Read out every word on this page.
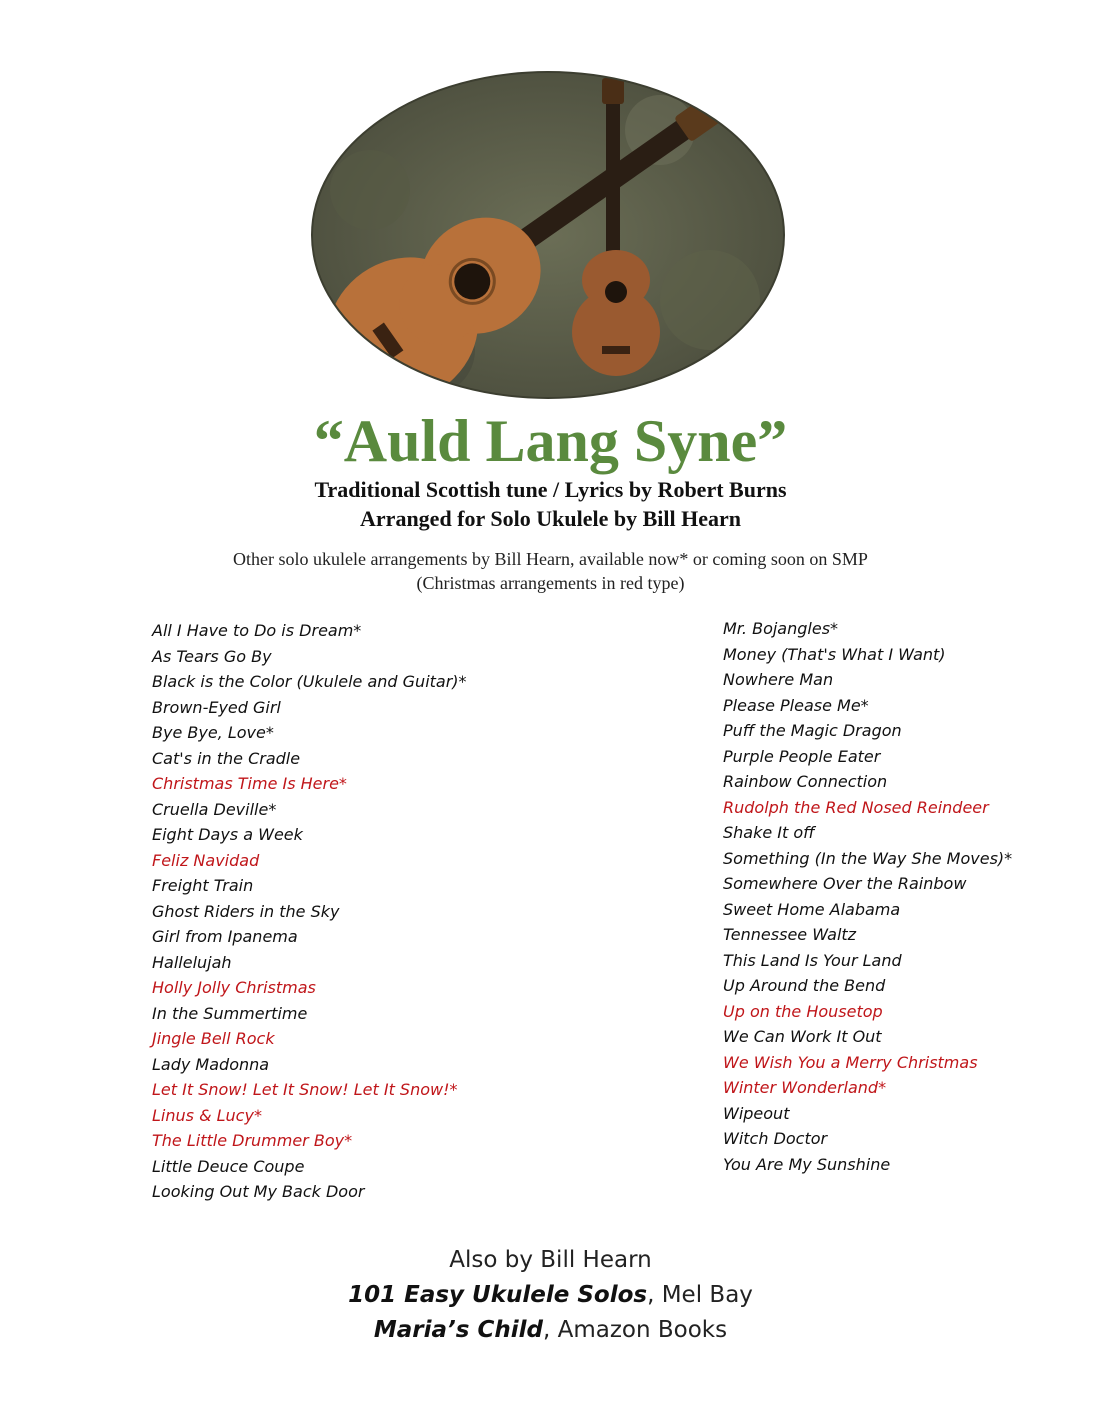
“Auld Lang Syne”
Traditional Scottish tune / Lyrics by Robert Burns
Arranged for Solo Ukulele by Bill Hearn
Other solo ukulele arrangements by Bill Hearn, available now* or coming soon on SMP
(Christmas arrangements in red type)
All I Have to Do is Dream*
As Tears Go By
Black is the Color (Ukulele and Guitar)*
Brown-Eyed Girl
Bye Bye, Love*
Cat's in the Cradle
Christmas Time Is Here*
Cruella Deville*
Eight Days a Week
Feliz Navidad
Freight Train
Ghost Riders in the Sky
Girl from Ipanema
Hallelujah
Holly Jolly Christmas
In the Summertime
Jingle Bell Rock
Lady Madonna
Let It Snow! Let It Snow! Let It Snow!*
Linus & Lucy*
The Little Drummer Boy*
Little Deuce Coupe
Looking Out My Back Door
Mr. Bojangles*
Money (That's What I Want)
Nowhere Man
Please Please Me*
Puff the Magic Dragon
Purple People Eater
Rainbow Connection
Rudolph the Red Nosed Reindeer
Shake It off
Something (In the Way She Moves)*
Somewhere Over the Rainbow
Sweet Home Alabama
Tennessee Waltz
This Land Is Your Land
Up Around the Bend
Up on the Housetop
We Can Work It Out
We Wish You a Merry Christmas
Winter Wonderland*
Wipeout
Witch Doctor
You Are My Sunshine
Also by Bill Hearn
101 Easy Ukulele Solos, Mel Bay
Maria’s Child, Amazon Books
